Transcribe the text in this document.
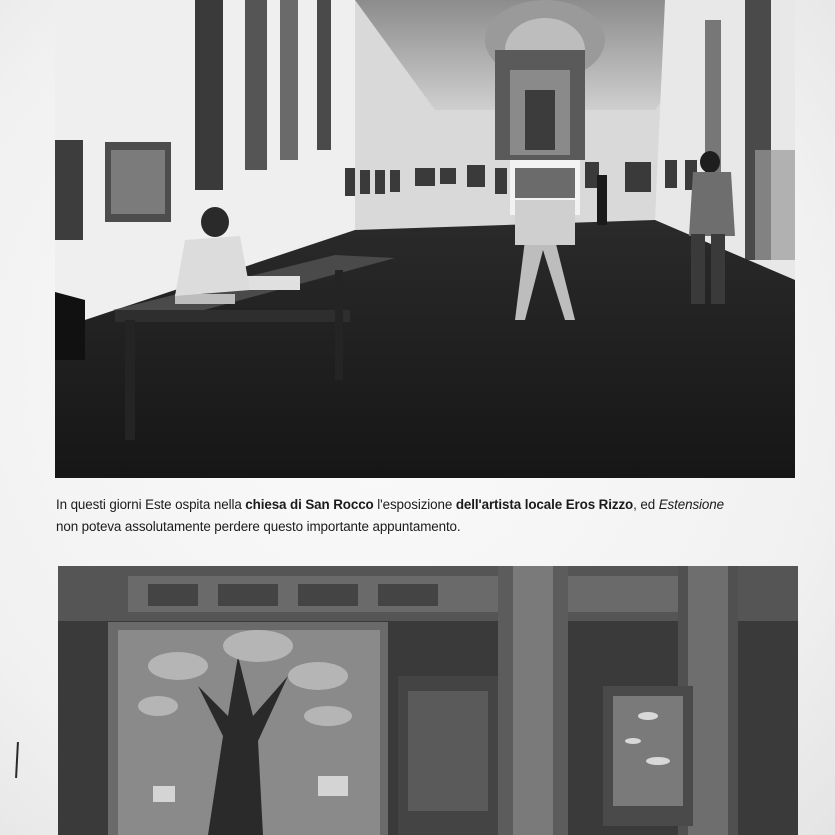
In questi giorni Este ospita nella chiesa di San Rocco l'esposizione dell'artista locale Eros Rizzo, ed Estensione
non poteva assolutamente perdere questo importante appuntamento.
